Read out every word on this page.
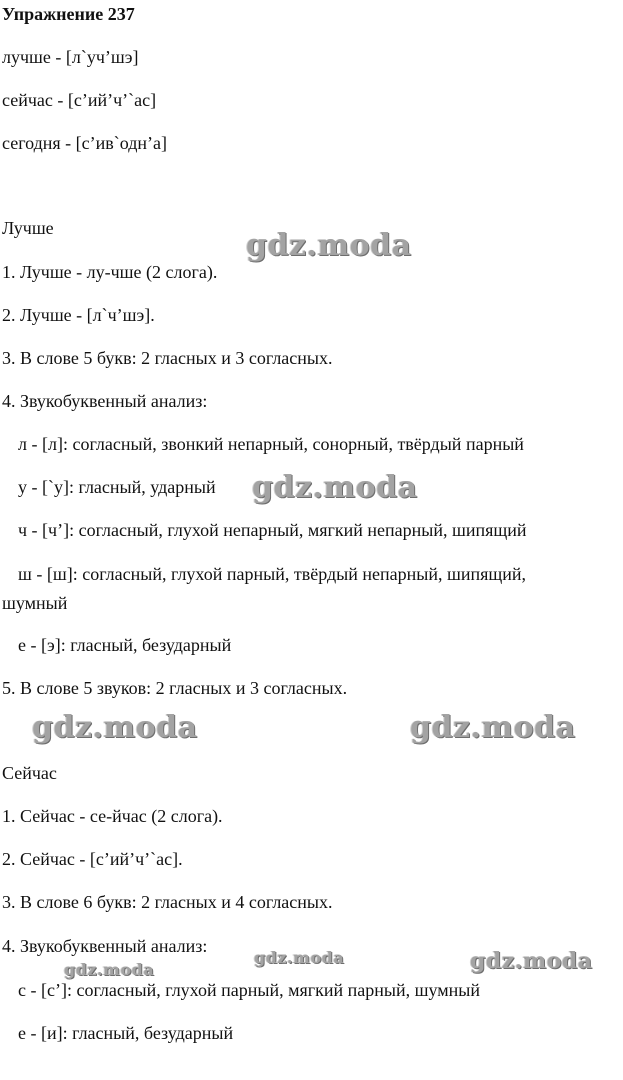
Упражнение 237
лучше - [л`уч’шэ]
сейчас - [с’ий’ч’`ас]
сегодня - [с’ив`одн’а]
Лучше
1. Лучше - лу-чше (2 слога).
2. Лучше - [л`ч’шэ].
3. В слове 5 букв: 2 гласных и 3 согласных.
4. Звукобуквенный анализ:
л - [л]: согласный, звонкий непарный, сонорный, твёрдый парный
у - [`у]: гласный, ударный
ч - [ч’]: согласный, глухой непарный, мягкий непарный, шипящий
ш - [ш]: согласный, глухой парный, твёрдый непарный, шипящий,
шумный
е - [э]: гласный, безударный
5. В слове 5 звуков: 2 гласных и 3 согласных.
Сейчас
1. Сейчас - се-йчас (2 слога).
2. Сейчас - [с’ий’ч’`ас].
3. В слове 6 букв: 2 гласных и 4 согласных.
4. Звукобуквенный анализ:
с - [с’]: согласный, глухой парный, мягкий парный, шумный
е - [и]: гласный, безударный
gdz.moda
gdz.moda
gdz.moda	gdz.moda
gdz.moda
gdz.moda
gdz.moda
